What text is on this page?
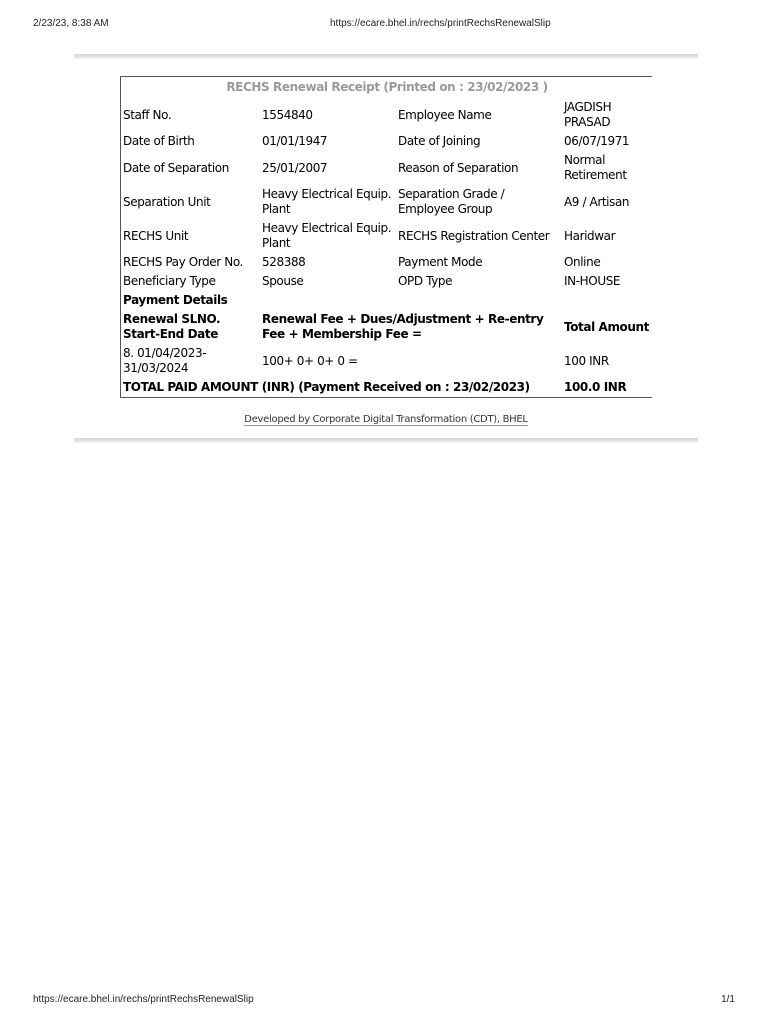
2/23/23, 8:38 AM	https://ecare.bhel.in/rechs/printRechsRenewalSlip
RECHS Renewal Receipt (Printed on : 23/02/2023 )			
Staff No.	1554840	Employee Name	JAGDISH PRASAD
Date of Birth	01/01/1947	Date of Joining	06/07/1971
Date of Separation	25/01/2007	Reason of Separation	Normal Retirement
Separation Unit	Heavy Electrical Equip. Plant	Separation Grade / Employee Group	A9 / Artisan
RECHS Unit	Heavy Electrical Equip. Plant	RECHS Registration Center	Haridwar
RECHS Pay Order No.	528388	Payment Mode	Online
Beneficiary Type	Spouse	OPD Type	IN-HOUSE
Payment Details			
Renewal SLNO. Start-End Date	Renewal Fee + Dues/Adjustment + Re-entry Fee + Membership Fee =		Total Amount
8. 01/04/2023-31/03/2024	100+ 0+ 0+ 0 =		100 INR
TOTAL PAID AMOUNT (INR) (Payment Received on : 23/02/2023)			100.0 INR
Developed by Corporate Digital Transformation (CDT), BHEL
https://ecare.bhel.in/rechs/printRechsRenewalSlip	1/1
